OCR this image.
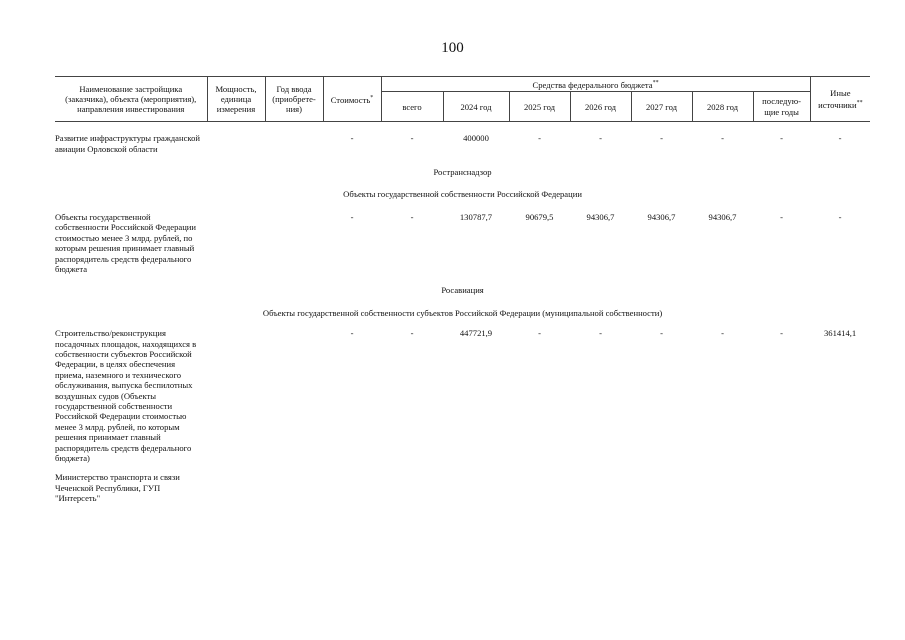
100
Наименование застройщика (заказчика), объекта (мероприятия), направления инвестирования	Мощность, единица измерения	Год ввода (приобрете-ния)	Стоимость*	Средства федерального бюджета**							Иные источники**
				всего	2024 год	2025 год	2026 год	2027 год	2028 год	последую-щие годы	

Развитие инфраструктуры гражданской авиации Орловской области			-	-	400000	-	-	-	-	-	-
Ространснадзор											
Объекты государственной собственности Российской Федерации											
Объекты государственной собственности Российской Федерации стоимостью менее 3 млрд. рублей, по которым решения принимает главный распорядитель средств федерального бюджета			-	-	130787,7	90679,5	94306,7	94306,7	94306,7	-	-
Росавиация											
Объекты государственной собственности субъектов Российской Федерации (муниципальной собственности)											
Строительство/реконструкция посадочных площадок, находящихся в собственности субъектов Российской Федерации, в целях обеспечения приема, наземного и технического обслуживания, выпуска беспилотных воздушных судов (Объекты государственной собственности Российской Федерации стоимостью менее 3 млрд. рублей, по которым решения принимает главный распорядитель средств федерального бюджета)			-	-	447721,9	-	-	-	-	-	361414,1
Министерство транспорта и связи Чеченской Республики, ГУП "Интерсеть"											
